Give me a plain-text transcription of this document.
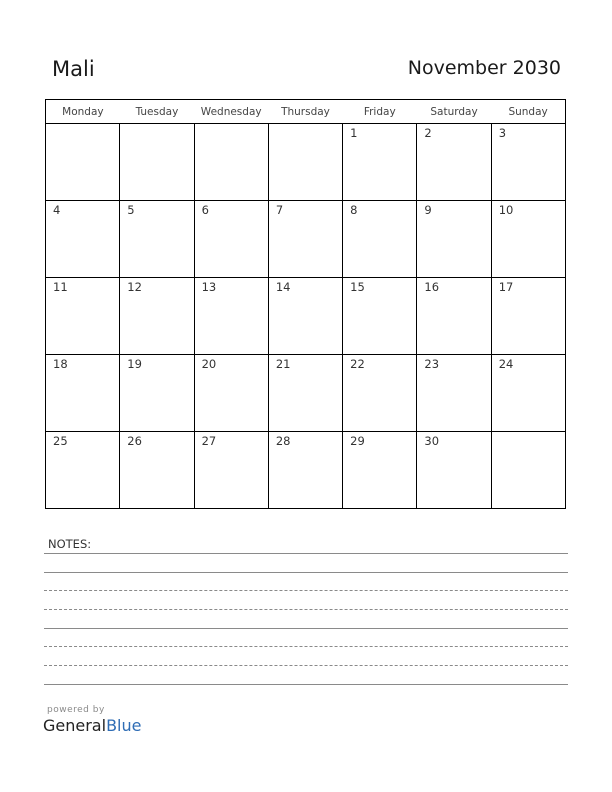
Mali	November 2030
Monday	Tuesday	Wednesday	Thursday	Friday	Saturday	Sunday

				1	2	3

4	5	6	7	8	9	10

11	12	13	14	15	16	17

18	19	20	21	22	23	24

25	26	27	28	29	30	

NOTES:
powered by
GeneralBlue
